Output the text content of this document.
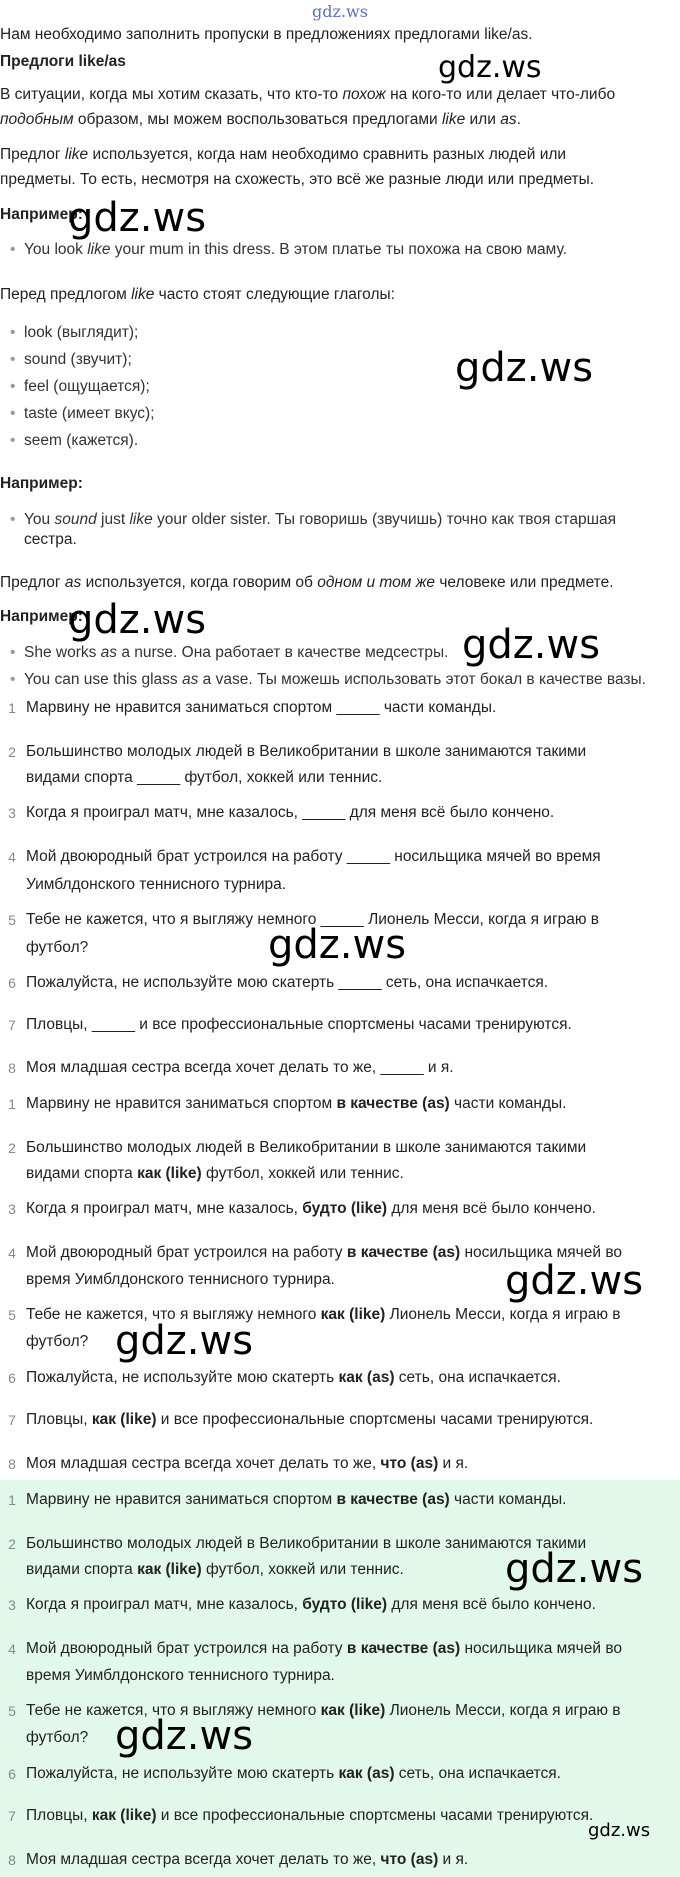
gdz.ws
Нам необходимо заполнить пропуски в предложениях предлогами like/as.
Предлоги like/as
В ситуации, когда мы хотим сказать, что кто-то похож на кого-то или делает что-либо
подобным образом, мы можем воспользоваться предлогами like или as.
Предлог like используется, когда нам необходимо сравнить разных людей или
предметы. То есть, несмотря на схожесть, это всё же разные люди или предметы.
Например:
• You look like your mum in this dress. В этом платье ты похожа на свою маму.
Перед предлогом like часто стоят следующие глаголы:
• look (выглядит);
• sound (звучит);
• feel (ощущается);
• taste (имеет вкус);
• seem (кажется).
Например:
• You sound just like your older sister. Ты говоришь (звучишь) точно как твоя старшая
сестра.
Предлог as используется, когда говорим об одном и том же человеке или предмете.
Например:
• She works as a nurse. Она работает в качестве медсестры.
• You can use this glass as a vase. Ты можешь использовать этот бокал в качестве вазы.
1 Марвину не нравится заниматься спортом _____ части команды.
2 Большинство молодых людей в Великобритании в школе занимаются такими
видами спорта _____ футбол, хоккей или теннис.
3 Когда я проиграл матч, мне казалось, _____ для меня всё было кончено.
4 Мой двоюродный брат устроился на работу _____ носильщика мячей во время
Уимблдонского теннисного турнира.
5 Тебе не кажется, что я выгляжу немного _____ Лионель Месси, когда я играю в
футбол?
6 Пожалуйста, не используйте мою скатерть _____ сеть, она испачкается.
7 Пловцы, _____ и все профессиональные спортсмены часами тренируются.
8 Моя младшая сестра всегда хочет делать то же, _____ и я.
1 Марвину не нравится заниматься спортом в качестве (as) части команды.
2 Большинство молодых людей в Великобритании в школе занимаются такими
видами спорта как (like) футбол, хоккей или теннис.
3 Когда я проиграл матч, мне казалось, будто (like) для меня всё было кончено.
4 Мой двоюродный брат устроился на работу в качестве (as) носильщика мячей во
время Уимблдонского теннисного турнира.
5 Тебе не кажется, что я выгляжу немного как (like) Лионель Месси, когда я играю в
футбол?
6 Пожалуйста, не используйте мою скатерть как (as) сеть, она испачкается.
7 Пловцы, как (like) и все профессиональные спортсмены часами тренируются.
8 Моя младшая сестра всегда хочет делать то же, что (as) и я.
1 Марвину не нравится заниматься спортом в качестве (as) части команды.
2 Большинство молодых людей в Великобритании в школе занимаются такими
видами спорта как (like) футбол, хоккей или теннис.
3 Когда я проиграл матч, мне казалось, будто (like) для меня всё было кончено.
4 Мой двоюродный брат устроился на работу в качестве (as) носильщика мячей во
время Уимблдонского теннисного турнира.
5 Тебе не кажется, что я выгляжу немного как (like) Лионель Месси, когда я играю в
футбол?
6 Пожалуйста, не используйте мою скатерть как (as) сеть, она испачкается.
7 Пловцы, как (like) и все профессиональные спортсмены часами тренируются.
8 Моя младшая сестра всегда хочет делать то же, что (as) и я.
gdz.ws
gdz.ws
gdz.ws
gdz.ws
gdz.ws
gdz.ws
gdz.ws
gdz.ws
gdz.ws
gdz.ws
gdz.ws
